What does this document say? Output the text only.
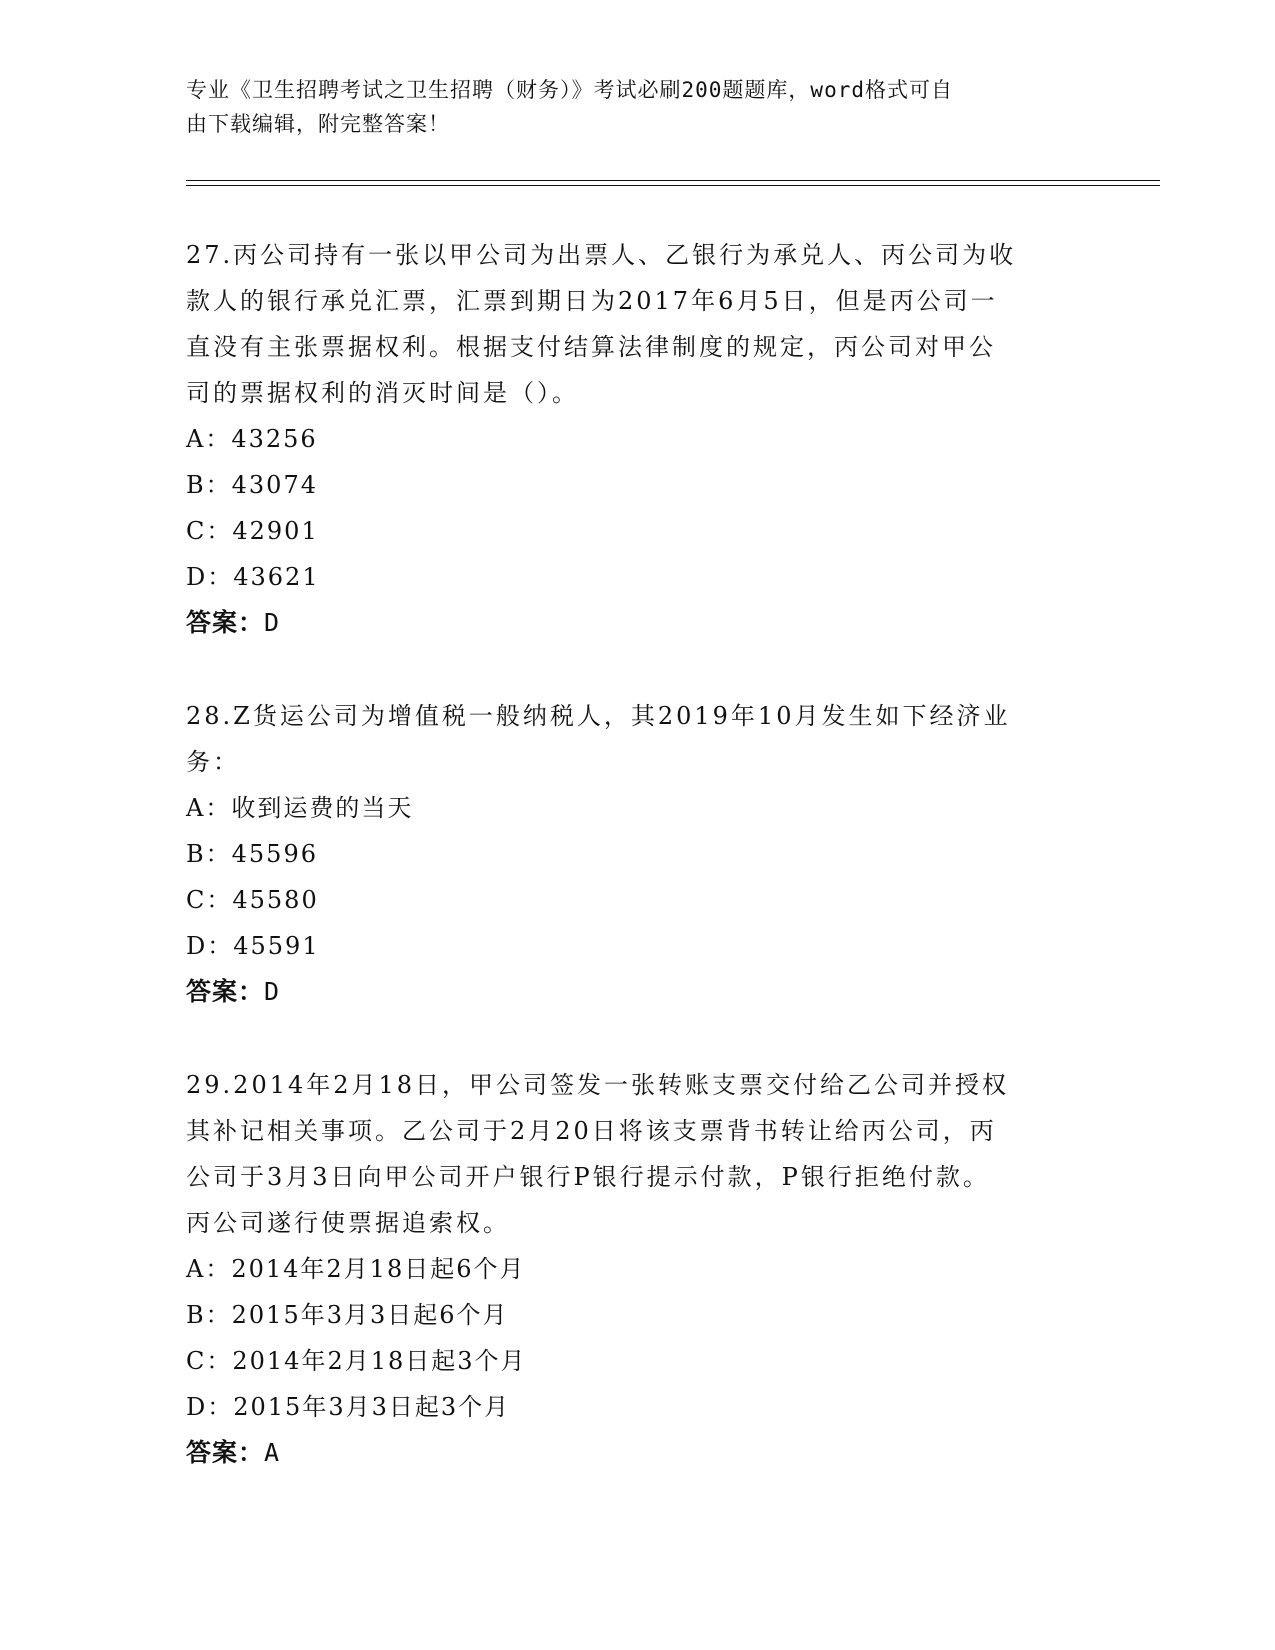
专业《卫生招聘考试之卫生招聘（财务）》考试必刷200题题库，word格式可自
由下载编辑，附完整答案！

27.丙公司持有一张以甲公司为出票人、乙银行为承兑人、丙公司为收

款人的银行承兑汇票，汇票到期日为2017年6月5日，但是丙公司一

直没有主张票据权利。根据支付结算法律制度的规定，丙公司对甲公

司的票据权利的消灭时间是（）。

A：43256

B：43074

C：42901

D：43621

答案：D

28.Z货运公司为增值税一般纳税人，其2019年10月发生如下经济业

务：

A：收到运费的当天

B：45596

C：45580

D：45591

答案：D

29.2014年2月18日，甲公司签发一张转账支票交付给乙公司并授权

其补记相关事项。乙公司于2月20日将该支票背书转让给丙公司，丙

公司于3月3日向甲公司开户银行P银行提示付款，P银行拒绝付款。

丙公司遂行使票据追索权。

A：2014年2月18日起6个月

B：2015年3月3日起6个月

C：2014年2月18日起3个月

D：2015年3月3日起3个月

答案：A
